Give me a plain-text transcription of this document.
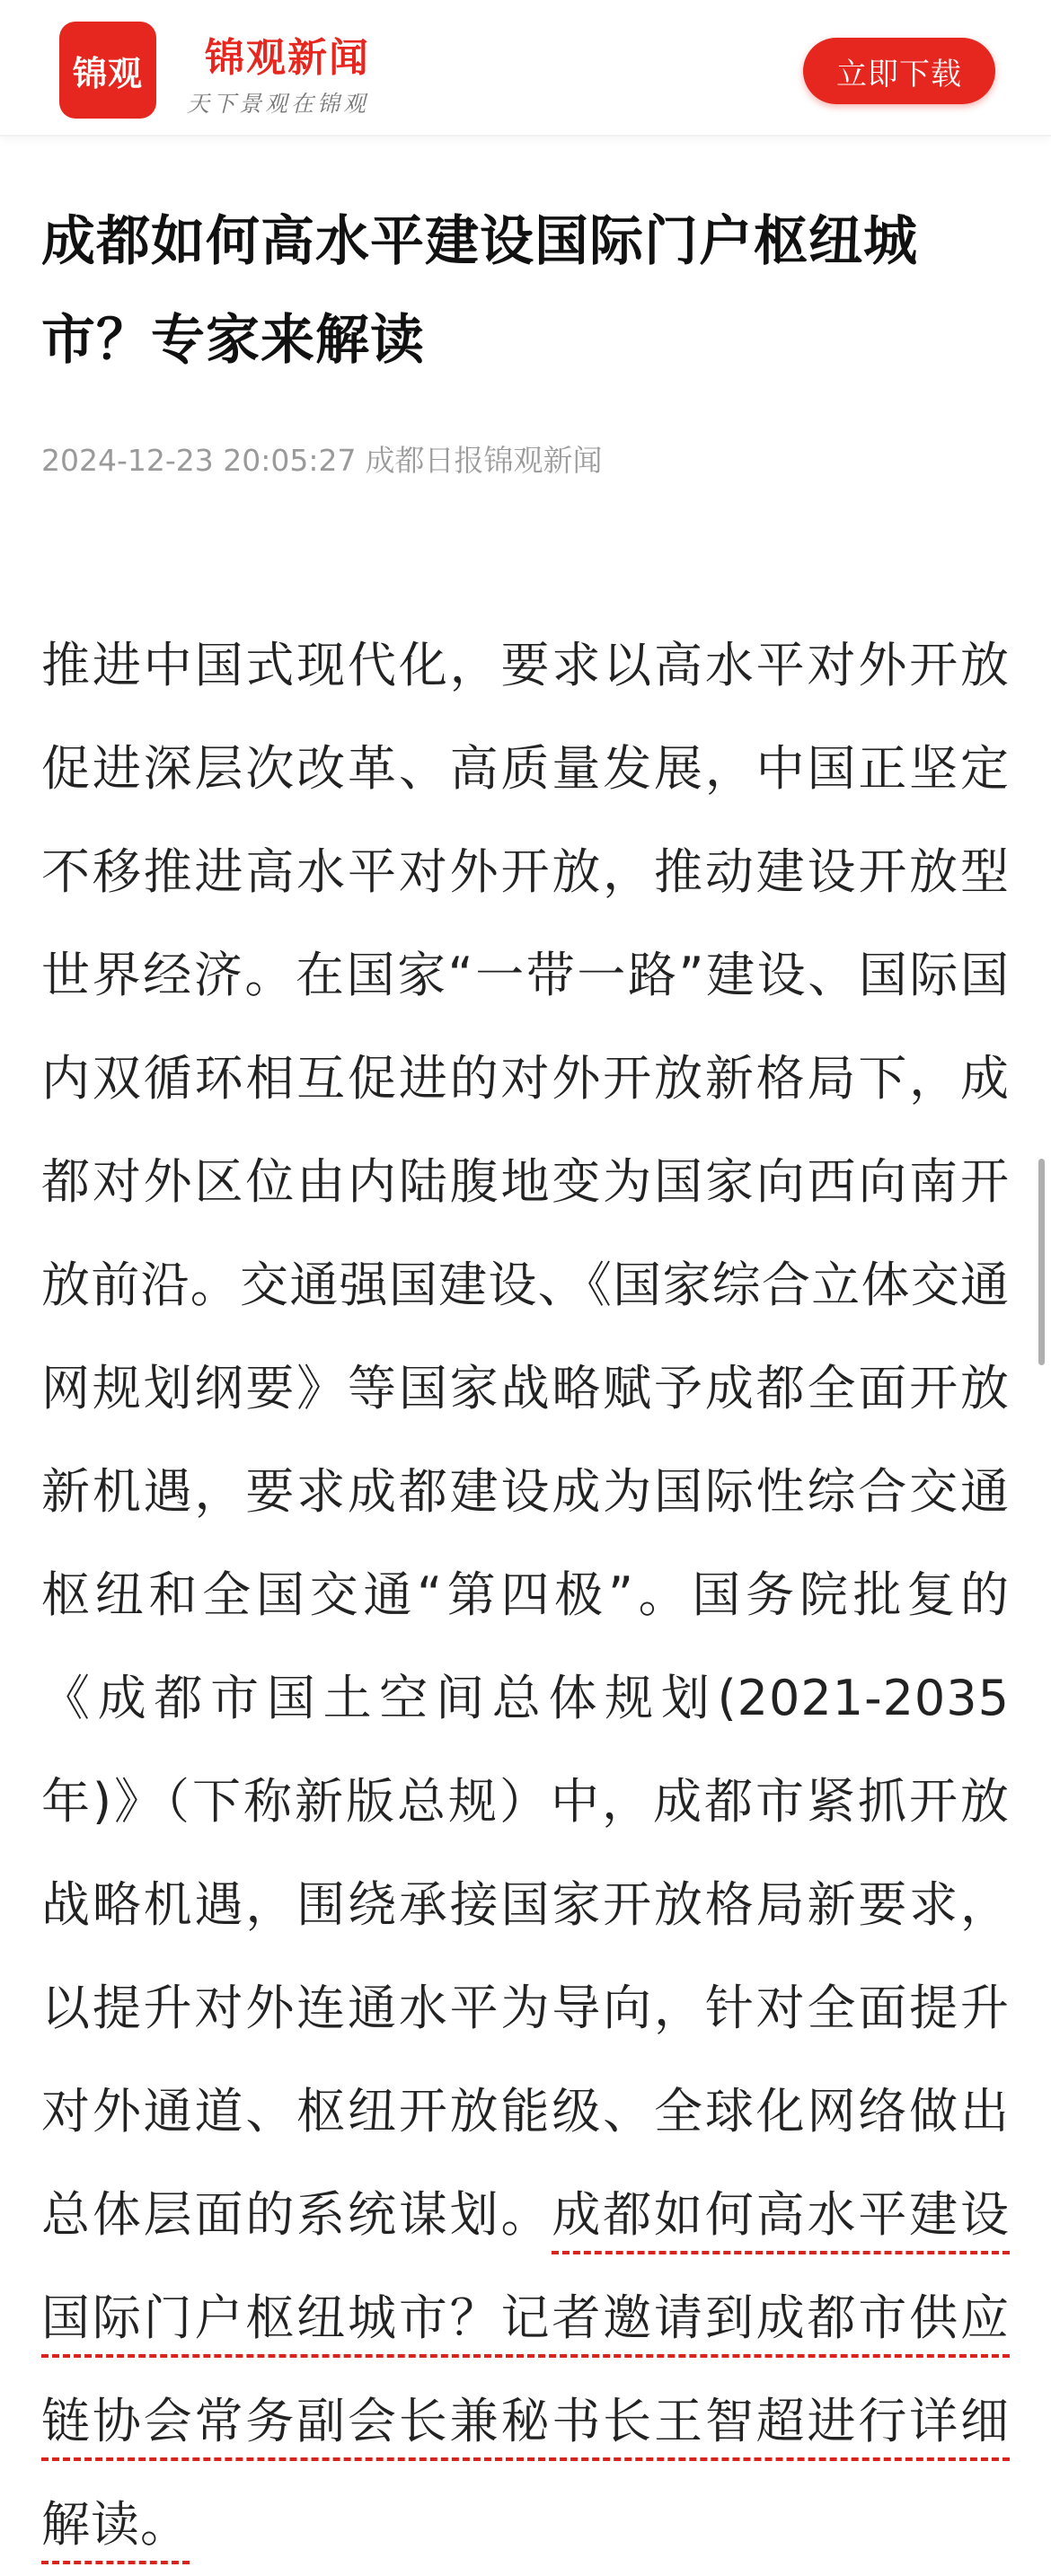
锦观 锦观新闻
天下景观在锦观
立即下载
成都如何高水平建设国际门户枢纽城市？专家来解读
2024-12-23 20:05:27 成都日报锦观新闻

推进中国式现代化，要求以高水平对外开放促进深层次改革、高质量发展，中国正坚定不移推进高水平对外开放，推动建设开放型世界经济。在国家“一带一路”建设、国际国内双循环相互促进的对外开放新格局下，成都对外区位由内陆腹地变为国家向西向南开放前沿。交通强国建设、《国家综合立体交通网规划纲要》等国家战略赋予成都全面开放新机遇，要求成都建设成为国际性综合交通枢纽和全国交通“第四极”。国务院批复的《成都市国土空间总体规划(2021-2035年)》（下称新版总规）中，成都市紧抓开放战略机遇，围绕承接国家开放格局新要求，以提升对外连通水平为导向，针对全面提升对外通道、枢纽开放能级、全球化网络做出总体层面的系统谋划。成都如何高水平建设国际门户枢纽城市？记者邀请到成都市供应链协会常务副会长兼秘书长王智超进行详细解读。
